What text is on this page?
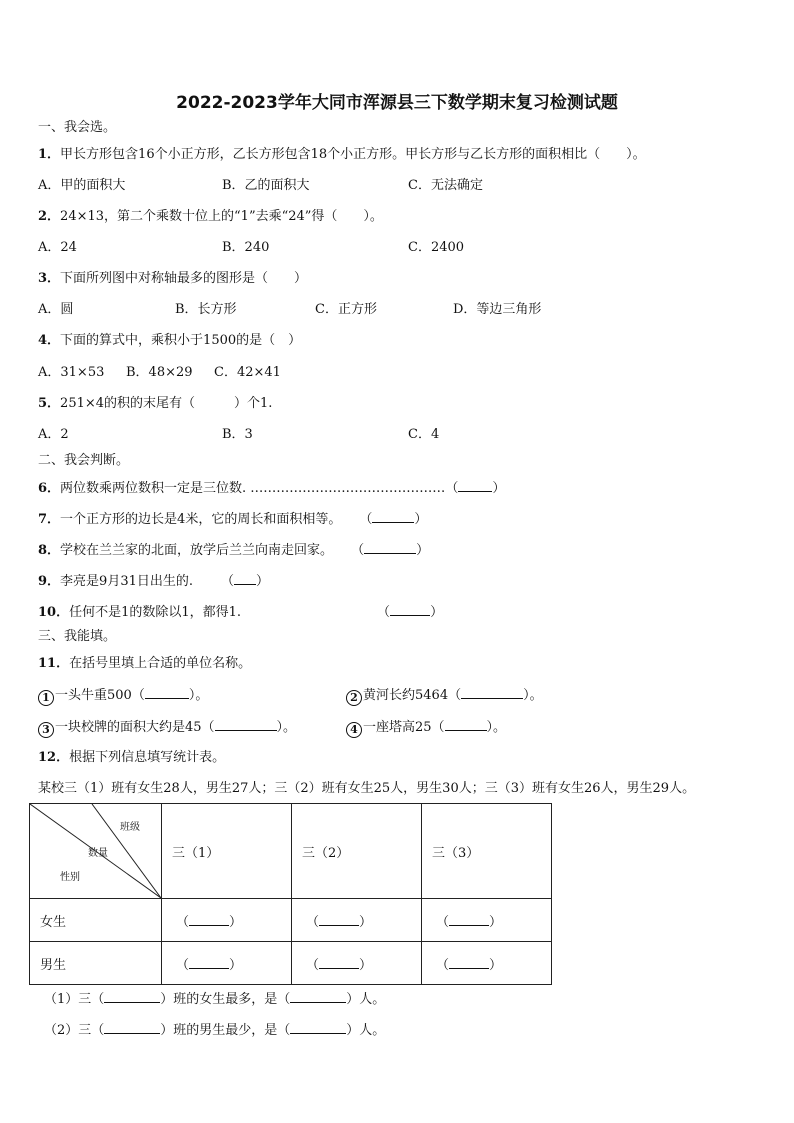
2022-2023学年大同市浑源县三下数学期末复习检测试题
一、我会选。
1．甲长方形包含16个小正方形，乙长方形包含18个小正方形。甲长方形与乙长方形的面积相比（　　）。
A．甲的面积大	B．乙的面积大	C．无法确定
2．24×13，第二个乘数十位上的“1”去乘“24”得（　　）。
A．24	B．240	C．2400
3．下面所列图中对称轴最多的图形是（　　）
A．圆	B．长方形	C．正方形	D．等边三角形
4．下面的算式中，乘积小于1500的是（　）
A．31×53 B．48×29 C．42×41
5．251×4的积的末尾有（　　　）个1.
A．2	B．3	C．4
二、我会判断。
6．两位数乘两位数积一定是三位数. ………………………………………（	）
7．一个正方形的边长是4米，它的周长和面积相等。 （	）
8．学校在兰兰家的北面，放学后兰兰向南走回家。 （	）
9．李亮是9月31日出生的. （ ）
10．任何不是1的数除以1，都得1.	（	）
三、我能填。
11．在括号里填上合适的单位名称。
1 一头牛重500（	）。	2 黄河长约5464（	）。
3 一块校牌的面积大约是45（	）。	4 一座塔高25（	）。
12．根据下列信息填写统计表。
某校三（1）班有女生28人，男生27人；三（2）班有女生25人，男生30人；三（3）班有女生26人，男生29人。
班级
数量
性别	三（1）	三（2）	三（3）
女生	（ ）	（ ）	（ ）
男生	（ ）	（ ）	（ ）
（1）三（	）班的女生最多，是（	）人。
（2）三（	）班的男生最少，是（	）人。
